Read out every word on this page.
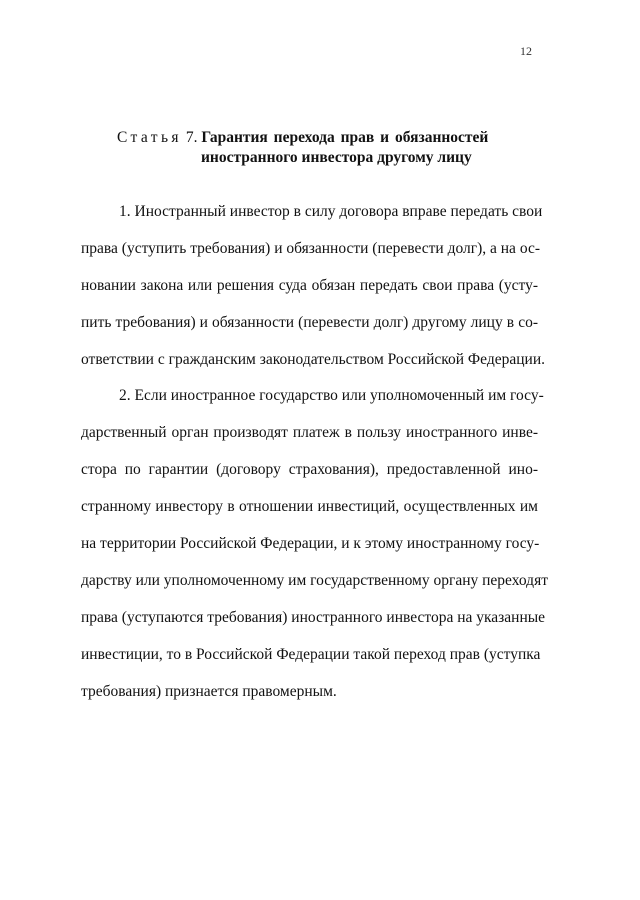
12
Статья 7. Гарантия перехода прав и обязанностей
иностранного инвестора другому лицу
1. Иностранный инвестор в силу договора вправе передать свои
права (уступить требования) и обязанности (перевести долг), а на ос-
новании закона или решения суда обязан передать свои права (усту-
пить требования) и обязанности (перевести долг) другому лицу в со-
ответствии с гражданским законодательством Российской Федерации.
2. Если иностранное государство или уполномоченный им госу-
дарственный орган производят платеж в пользу иностранного инве-
стора по гарантии (договору страхования), предоставленной ино-
странному инвестору в отношении инвестиций, осуществленных им
на территории Российской Федерации, и к этому иностранному госу-
дарству или уполномоченному им государственному органу переходят
права (уступаются требования) иностранного инвестора на указанные
инвестиции, то в Российской Федерации такой переход прав (уступка
требования) признается правомерным.
